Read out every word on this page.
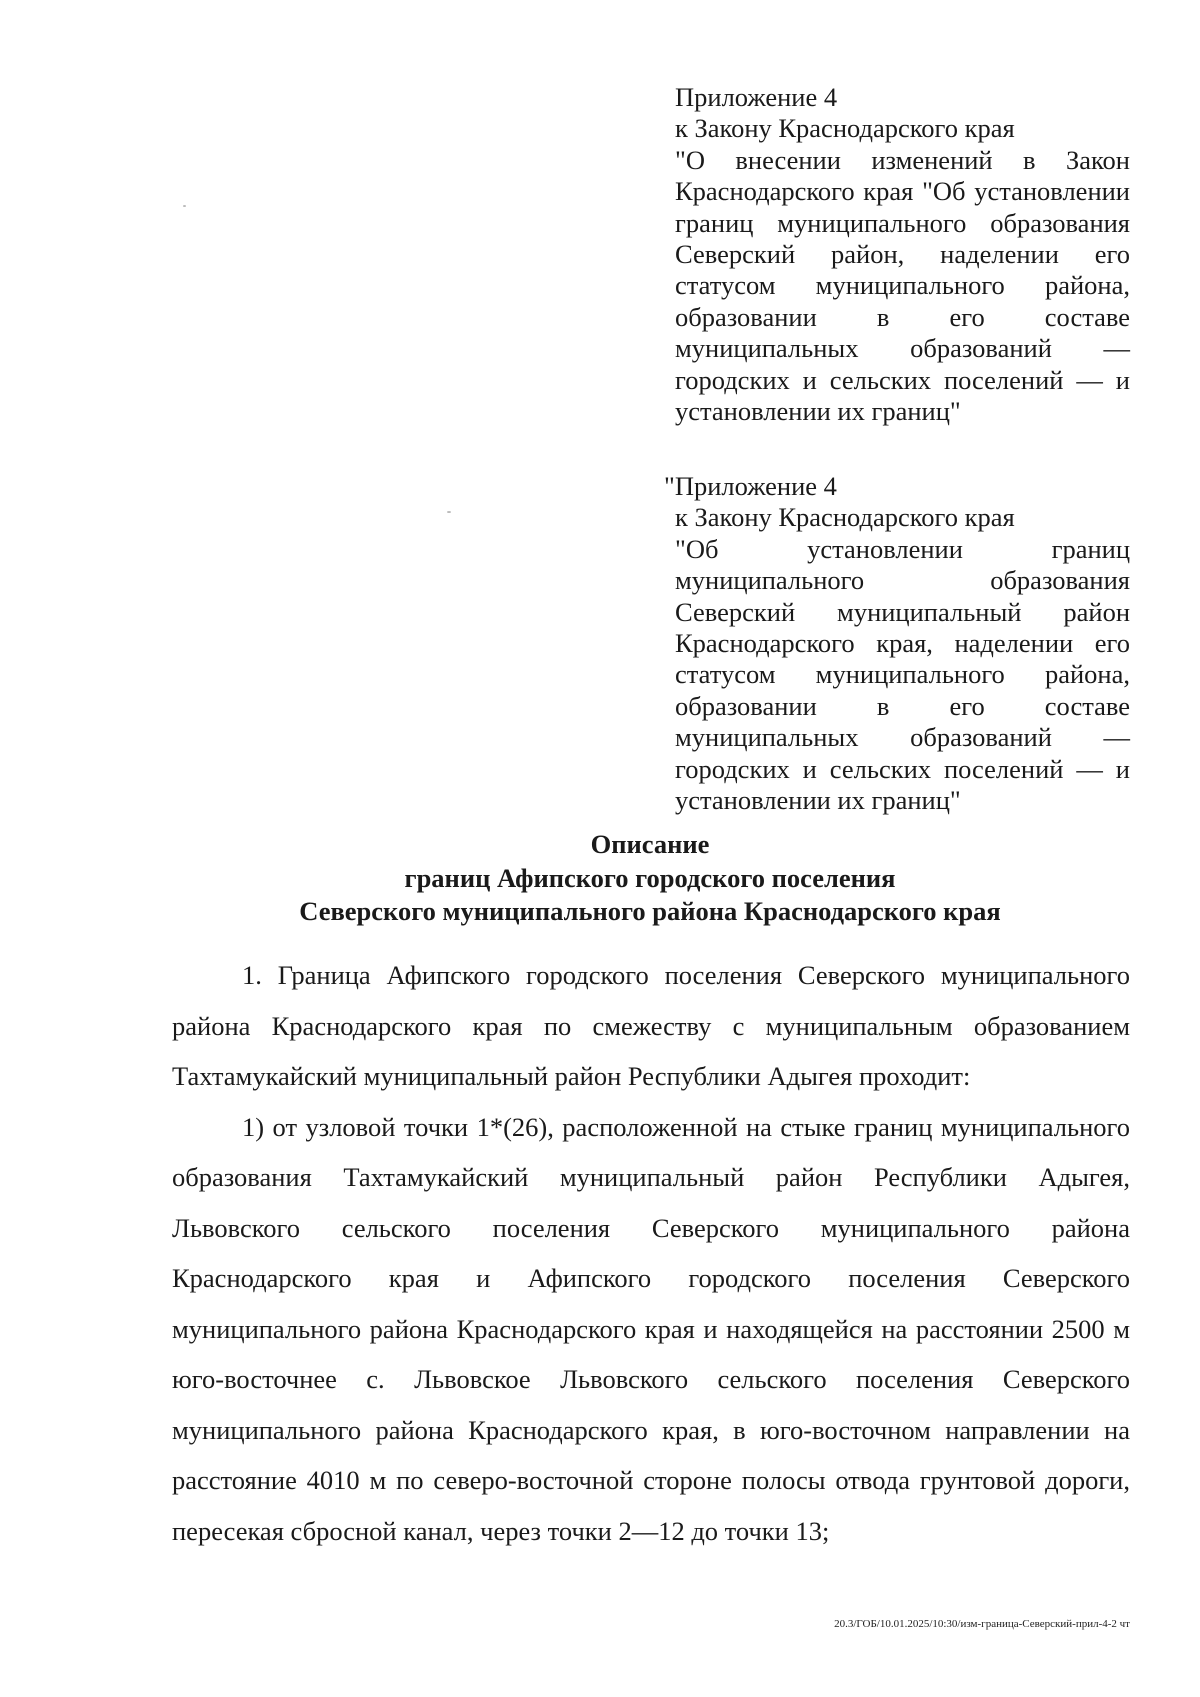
Приложение 4
к Закону Краснодарского края
"О внесении изменений в Закон Краснодарского края "Об установлении границ муниципального образования Северский район, наделении его статусом муниципального района, образовании в его составе муниципальных образований — городских и сельских поселений — и установлении их границ"
"Приложение 4
к Закону Краснодарского края
"Об установлении границ муниципального образования Северский муниципальный район Краснодарского края, наделении его статусом муниципального района, образовании в его составе муниципальных образований — городских и сельских поселений — и установлении их границ"
Описание
границ Афипского городского поселения
Северского муниципального района Краснодарского края

1. Граница Афипского городского поселения Северского муниципального района Краснодарского края по смежеству с муниципальным образованием Тахтамукайский муниципальный район Республики Адыгея проходит:

1) от узловой точки 1*(26), расположенной на стыке границ муниципального образования Тахтамукайский муниципальный район Республики Адыгея, Львовского сельского поселения Северского муниципального района Краснодарского края и Афипского городского поселения Северского муниципального района Краснодарского края и находящейся на расстоянии 2500 м юго-восточнее с. Львовское Львовского сельского поселения Северского муниципального района Краснодарского края, в юго-восточном направлении на расстояние 4010 м по северо-восточной стороне полосы отвода грунтовой дороги, пересекая сбросной канал, через точки 2—12 до точки 13;

20.3/ГОБ/10.01.2025/10:30/изм-граница-Северский-прил-4-2 чт
